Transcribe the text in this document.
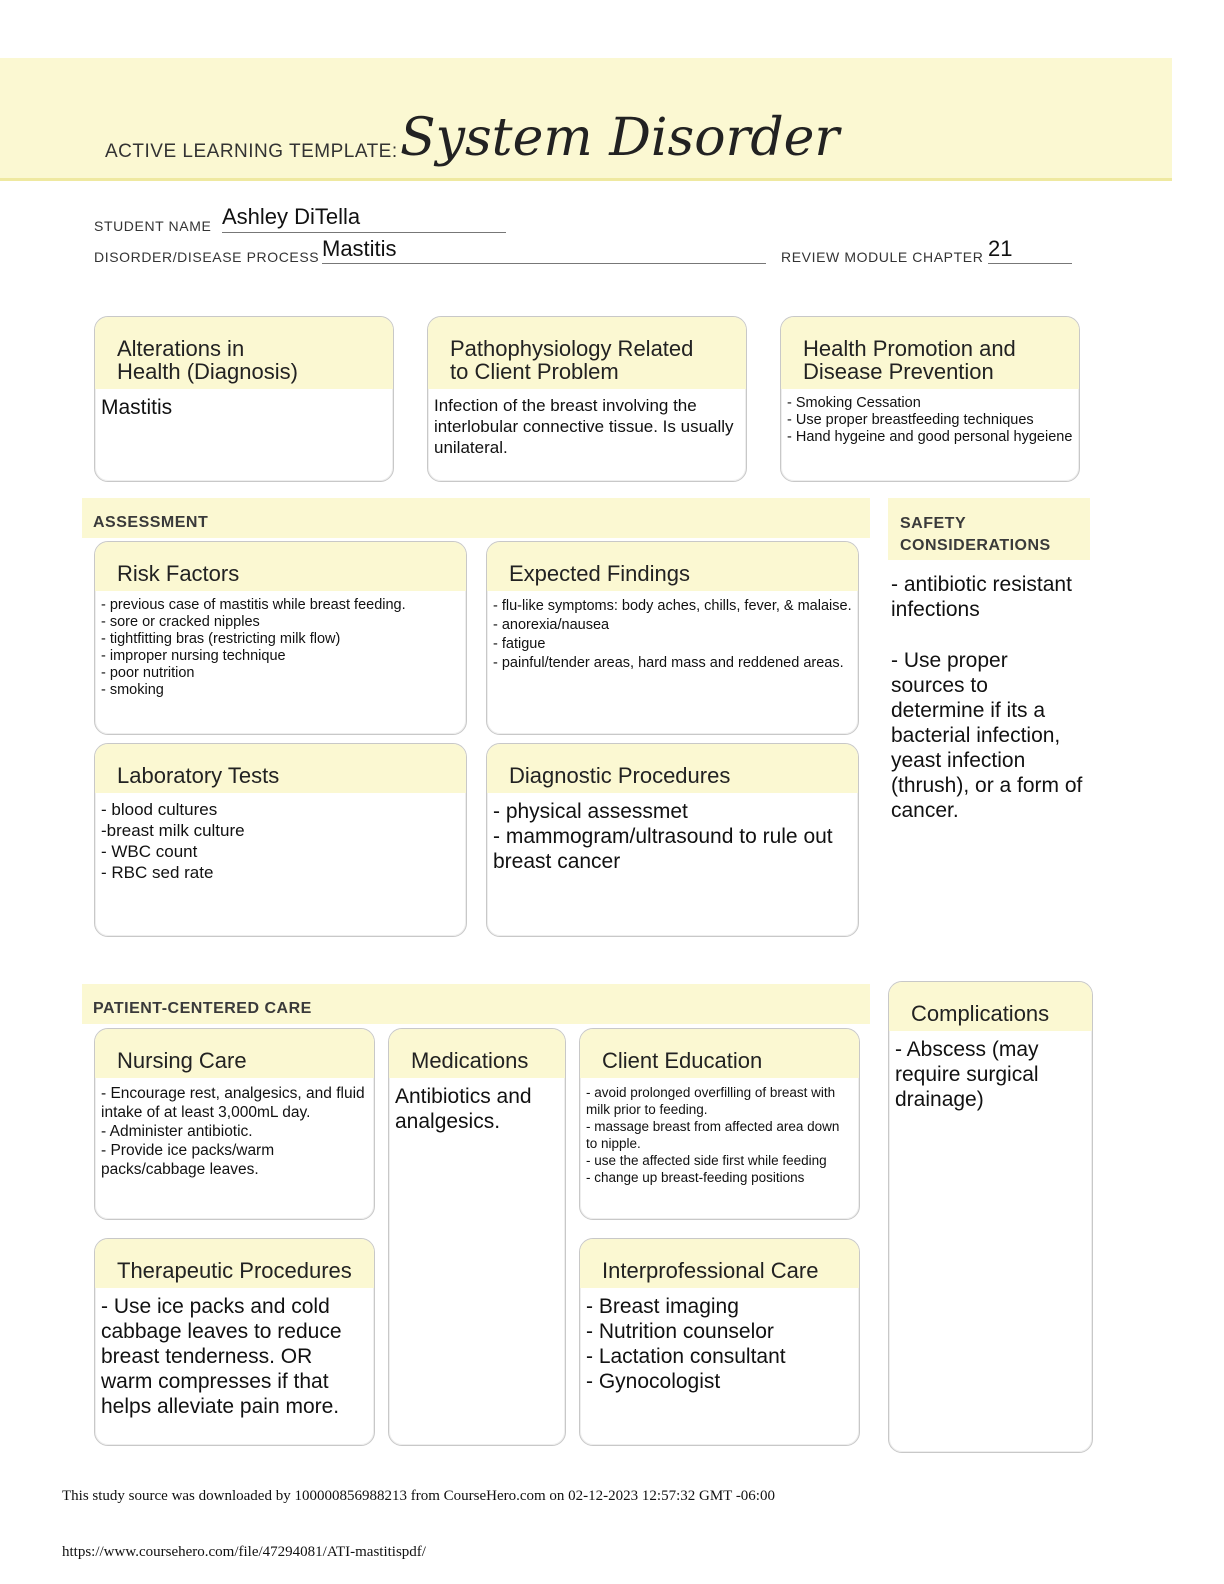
ACTIVE LEARNING TEMPLATE: System Disorder
STUDENT NAME Ashley DiTella
DISORDER/DISEASE PROCESS Mastitis	REVIEW MODULE CHAPTER 21
Alterations in
Health (Diagnosis)
Mastitis
Pathophysiology Related
to Client Problem
Infection of the breast involving the interlobular connective tissue. Is usually unilateral.
Health Promotion and
Disease Prevention
- Smoking Cessation
- Use proper breastfeeding techniques
- Hand hygeine and good personal hygeiene
ASSESSMENT	SAFETY
CONSIDERATIONS
- antibiotic resistant infections
- Use proper sources to determine if its a bacterial infection, yeast infection (thrush), or a form of cancer.
Risk Factors
- previous case of mastitis while breast feeding.
- sore or cracked nipples
- tightfitting bras (restricting milk flow)
- improper nursing technique
- poor nutrition
- smoking
Expected Findings
- flu-like symptoms: body aches, chills, fever, & malaise.
- anorexia/nausea
- fatigue
- painful/tender areas, hard mass and reddened areas.
Laboratory Tests
- blood cultures
-breast milk culture
- WBC count
- RBC sed rate
Diagnostic Procedures
- physical assessmet
- mammogram/ultrasound to rule out breast cancer
PATIENT-CENTERED CARE	Complications
- Abscess (may require surgical drainage)
Nursing Care
- Encourage rest, analgesics, and fluid intake of at least 3,000mL day.
- Administer antibiotic.
- Provide ice packs/warm packs/cabbage leaves.
Medications
Antibiotics and analgesics.
Client Education
- avoid prolonged overfilling of breast with milk prior to feeding.
- massage breast from affected area down to nipple.
- use the affected side first while feeding
- change up breast-feeding positions
Therapeutic Procedures
- Use ice packs and cold cabbage leaves to reduce breast tenderness. OR warm compresses if that helps alleviate pain more.
Interprofessional Care
- Breast imaging
- Nutrition counselor
- Lactation consultant
- Gynocologist
This study source was downloaded by 100000856988213 from CourseHero.com on 02-12-2023 12:57:32 GMT -06:00
https://www.coursehero.com/file/47294081/ATI-mastitispdf/
